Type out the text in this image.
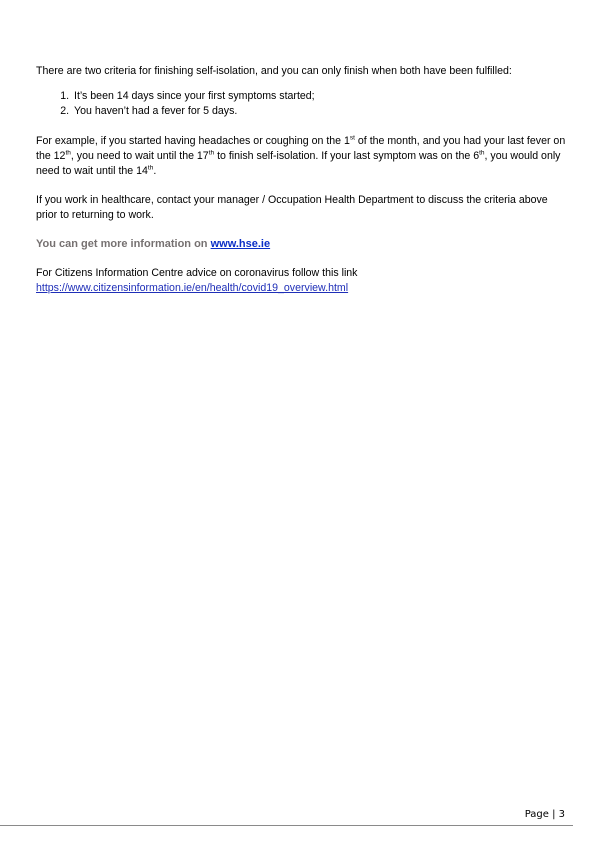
There are two criteria for finishing self-isolation, and you can only finish when both have been fulfilled:

1. It’s been 14 days since your first symptoms started;
2. You haven’t had a fever for 5 days.

For example, if you started having headaches or coughing on the 1st of the month, and you had your last fever on the 12th, you need to wait until the 17th to finish self-isolation. If your last symptom was on the 6th, you would only need to wait until the 14th.

If you work in healthcare, contact your manager / Occupation Health Department to discuss the criteria above prior to returning to work.

You can get more information on www.hse.ie

For Citizens Information Centre advice on coronavirus follow this link

https://www.citizensinformation.ie/en/health/covid19_overview.html

Page | 3
